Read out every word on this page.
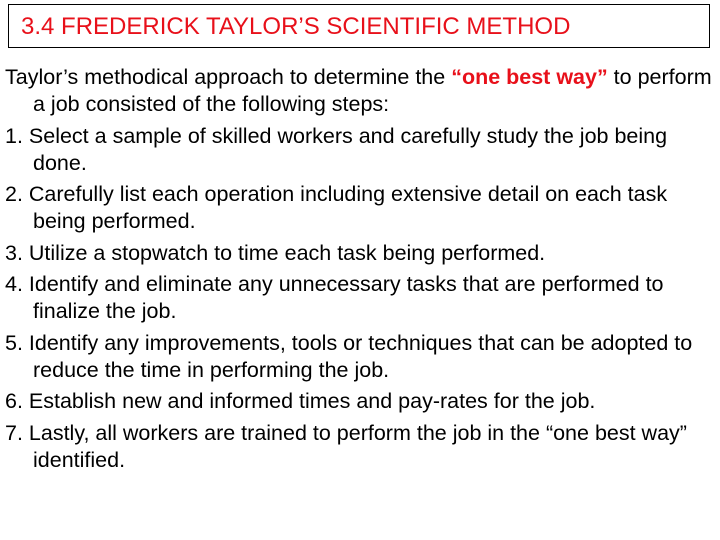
3.4 FREDERICK TAYLOR’S SCIENTIFIC METHOD

Taylor’s methodical approach to determine the “one best way” to perform a job consisted of the following steps:

1. Select a sample of skilled workers and carefully study the job being done.

2. Carefully list each operation including extensive detail on each task being performed.

3. Utilize a stopwatch to time each task being performed.

4. Identify and eliminate any unnecessary tasks that are performed to finalize the job.

5. Identify any improvements, tools or techniques that can be adopted to reduce the time in performing the job.

6. Establish new and informed times and pay-rates for the job.

7. Lastly, all workers are trained to perform the job in the “one best way” identified.
